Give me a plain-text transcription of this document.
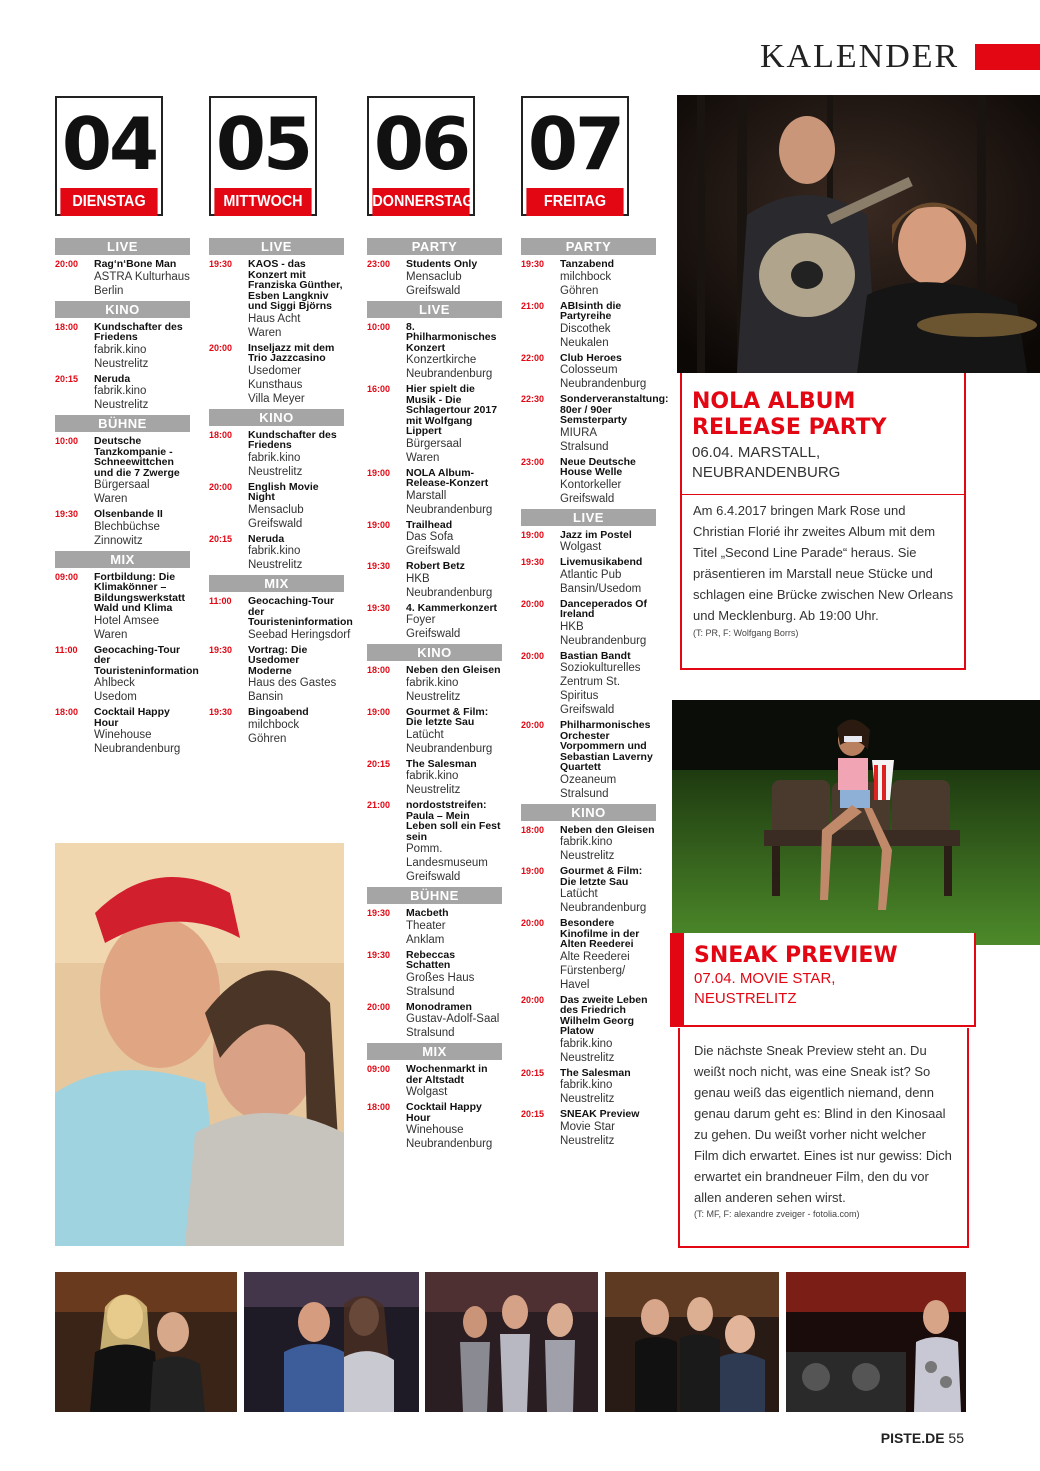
KALENDER
04
DIENSTAG
05
MITTWOCH
06
DONNERSTAG
07
FREITAG
LIVE
20:00	Rag‘n‘Bone Man
ASTRA Kulturhaus
Berlin
KINO
18:00	Kundschafter des Friedens
fabrik.kino
Neustrelitz
20:15	Neruda
fabrik.kino
Neustrelitz
BÜHNE
10:00	Deutsche Tanzkompanie - Schneewittchen und die 7 Zwerge
Bürgersaal
Waren
19:30	Olsenbande II
Blechbüchse
Zinnowitz
MIX
09:00	Fortbildung: Die Klimakönner – Bildungswerkstatt Wald und Klima
Hotel Amsee
Waren
11:00	Geocaching-Tour der Touristeninformation
Ahlbeck
Usedom
18:00	Cocktail Happy Hour
Winehouse Neubrandenburg
LIVE
19:30	KAOS - das Konzert mit Franziska Günther, Esben Langkniv und Siggi Björns
Haus Acht
Waren
20:00	Inseljazz mit dem Trio Jazzcasino
Usedomer Kunsthaus
Villa Meyer
KINO
18:00	Kundschafter des Friedens
fabrik.kino
Neustrelitz
20:00	English Movie Night
Mensaclub
Greifswald
20:15	Neruda
fabrik.kino
Neustrelitz
MIX
11:00	Geocaching-Tour der Touristeninformation
Seebad Heringsdorf
19:30	Vortrag: Die Usedomer Moderne
Haus des Gastes
Bansin
19:30	Bingoabend
milchbock
Göhren
PARTY
23:00	Students Only
Mensaclub
Greifswald
LIVE
10:00	8. Philharmonisches Konzert
Konzertkirche
Neubrandenburg
16:00	Hier spielt die Musik - Die Schlagertour 2017 mit Wolfgang Lippert
Bürgersaal
Waren
19:00	NOLA Album-Release-Konzert
Marstall
Neubrandenburg
19:00	Trailhead
Das Sofa
Greifswald
19:30	Robert Betz
HKB
Neubrandenburg
19:30	4. Kammerkonzert
Foyer
Greifswald
KINO
18:00	Neben den Gleisen
fabrik.kino
Neustrelitz
19:00	Gourmet & Film: Die letzte Sau
Latücht
Neubrandenburg
20:15	The Salesman
fabrik.kino
Neustrelitz
21:00	nordoststreifen: Paula – Mein Leben soll ein Fest sein
Pomm. Landesmuseum
Greifswald
BÜHNE
19:30	Macbeth
Theater
Anklam
19:30	Rebeccas Schatten
Großes Haus
Stralsund
20:00	Monodramen
Gustav-Adolf-Saal
Stralsund
MIX
09:00	Wochenmarkt in der Altstadt
Wolgast
18:00	Cocktail Happy Hour
Winehouse
Neubrandenburg
PARTY
19:30	Tanzabend
milchbock
Göhren
21:00	ABIsinth die Partyreihe
Discothek Neukalen
22:00	Club Heroes
Colosseum
Neubrandenburg
22:30	Sonderveranstaltung: 80er / 90er Semsterparty
MIURA
Stralsund
23:00	Neue Deutsche House Welle
Kontorkeller
Greifswald
LIVE
19:00	Jazz im Postel
Wolgast
19:30	Livemusikabend
Atlantic Pub
Bansin/Usedom
20:00	Danceperados Of Ireland
HKB
Neubrandenburg
20:00	Bastian Bandt
Soziokulturelles Zentrum St. Spiritus
Greifswald
20:00	Philharmonisches Orchester Vorpommern und Sebastian Laverny Quartett
Ozeaneum
Stralsund
KINO
18:00	Neben den Gleisen
fabrik.kino
Neustrelitz
19:00	Gourmet & Film: Die letzte Sau
Latücht
Neubrandenburg
20:00	Besondere Kinofilme in der Alten Reederei
Alte Reederei
Fürstenberg/ Havel
20:00	Das zweite Leben des Friedrich Wilhelm Georg Platow
fabrik.kino
Neustrelitz
20:15	The Salesman
fabrik.kino
Neustrelitz
20:15	SNEAK Preview
Movie Star
Neustrelitz
NOLA ALBUM
RELEASE PARTY
06.04. MARSTALL,
NEUBRANDENBURG
Am 6.4.2017 bringen Mark Rose und Christian Florié ihr zweites Album mit dem Titel „Second Line Parade“ heraus. Sie präsentieren im Marstall neue Stücke und schlagen eine Brücke zwischen New Orleans und Mecklenburg. Ab 19:00 Uhr.
(T: PR, F: Wolfgang Borrs)
SNEAK PREVIEW
07.04. MOVIE STAR,
NEUSTRELITZ
Die nächste Sneak Preview steht an. Du weißt noch nicht, was eine Sneak ist? So genau weiß das eigentlich niemand, denn genau darum geht es: Blind in den Kinosaal zu gehen. Du weißt vorher nicht welcher Film dich erwartet. Eines ist nur gewiss: Dich erwartet ein brandneuer Film, den du vor allen anderen sehen wirst.
(T: MF, F: alexandre zveiger - fotolia.com)
PISTE.DE 55
